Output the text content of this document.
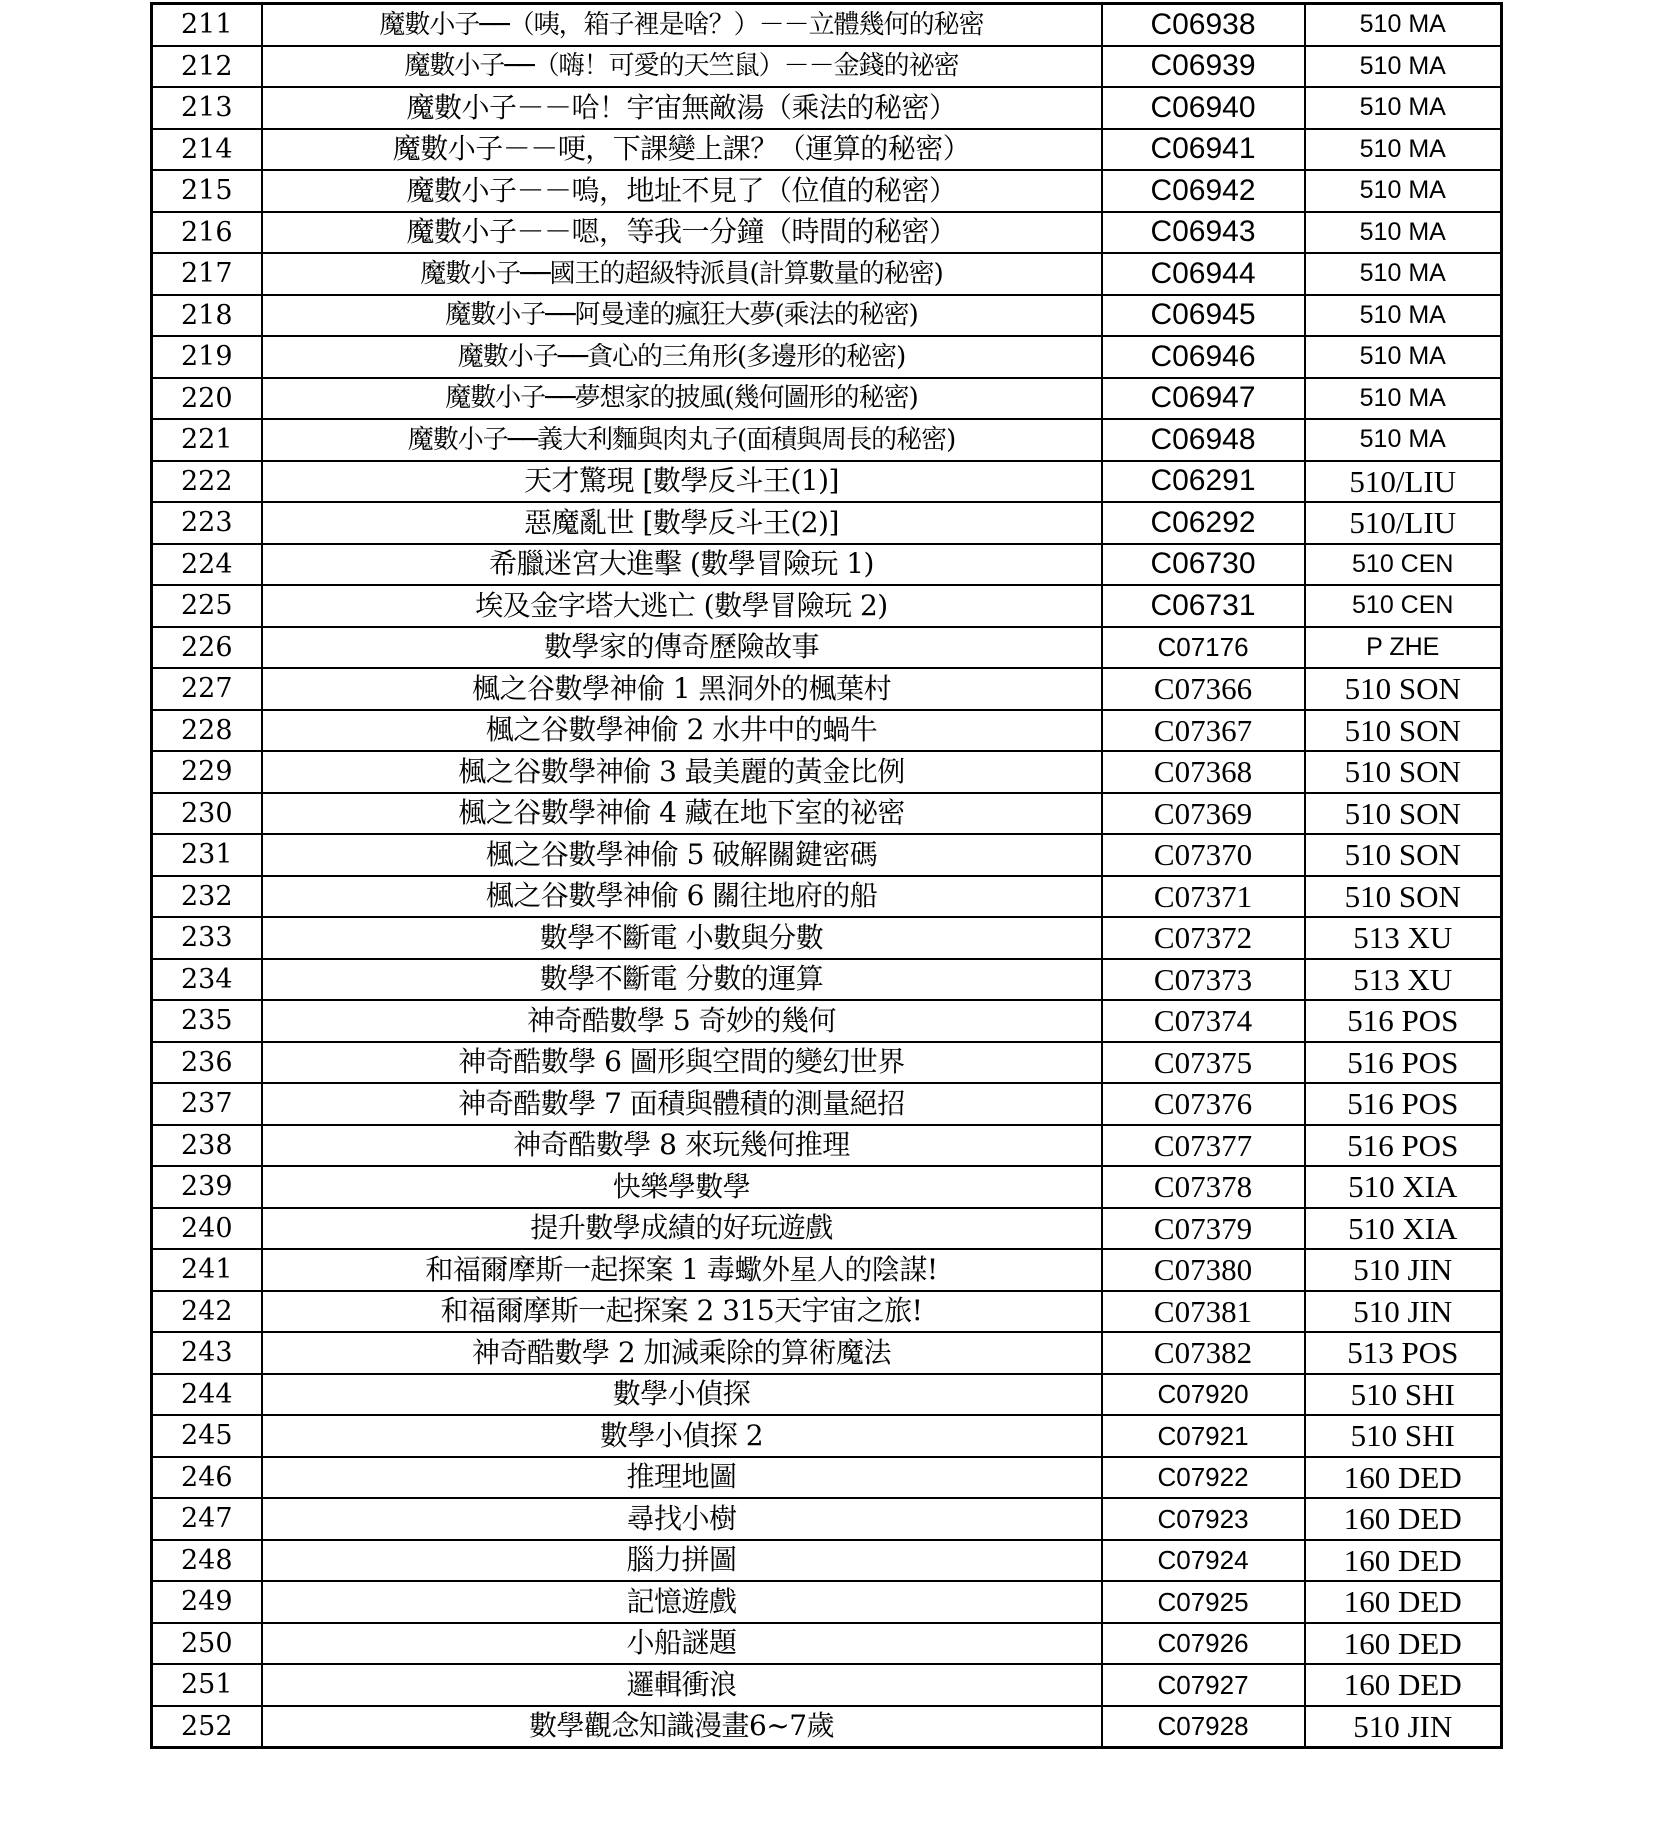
211	魔數小子──（咦，箱子裡是啥？）－－立體幾何的秘密	C06938	510 MA
212	魔數小子──（嗨！可愛的天竺鼠）－－金錢的祕密	C06939	510 MA
213	魔數小子－－哈！宇宙無敵湯（乘法的秘密）	C06940	510 MA
214	魔數小子－－哽，下課變上課？（運算的秘密）	C06941	510 MA
215	魔數小子－－嗚，地址不見了（位值的秘密）	C06942	510 MA
216	魔數小子－－嗯，等我一分鐘（時間的秘密）	C06943	510 MA
217	魔數小子──國王的超級特派員(計算數量的秘密)	C06944	510 MA
218	魔數小子──阿曼達的瘋狂大夢(乘法的秘密)	C06945	510 MA
219	魔數小子──貪心的三角形(多邊形的秘密)	C06946	510 MA
220	魔數小子──夢想家的披風(幾何圖形的秘密)	C06947	510 MA
221	魔數小子──義大利麵與肉丸子(面積與周長的秘密)	C06948	510 MA
222	天才驚現 [數學反斗王(1)]	C06291	510/LIU
223	惡魔亂世 [數學反斗王(2)]	C06292	510/LIU
224	希臘迷宮大進擊 (數學冒險玩 1)	C06730	510 CEN
225	埃及金字塔大逃亡 (數學冒險玩 2)	C06731	510 CEN
226	數學家的傳奇歷險故事	C07176	P ZHE
227	楓之谷數學神偷 1 黑洞外的楓葉村	C07366	510 SON
228	楓之谷數學神偷 2 水井中的蝸牛	C07367	510 SON
229	楓之谷數學神偷 3 最美麗的黃金比例	C07368	510 SON
230	楓之谷數學神偷 4 藏在地下室的祕密	C07369	510 SON
231	楓之谷數學神偷 5 破解關鍵密碼	C07370	510 SON
232	楓之谷數學神偷 6 關往地府的船	C07371	510 SON
233	數學不斷電 小數與分數	C07372	513 XU
234	數學不斷電 分數的運算	C07373	513 XU
235	神奇酷數學 5 奇妙的幾何	C07374	516 POS
236	神奇酷數學 6 圖形與空間的變幻世界	C07375	516 POS
237	神奇酷數學 7 面積與體積的測量絕招	C07376	516 POS
238	神奇酷數學 8 來玩幾何推理	C07377	516 POS
239	快樂學數學	C07378	510 XIA
240	提升數學成績的好玩遊戲	C07379	510 XIA
241	和福爾摩斯一起探案 1 毒蠍外星人的陰謀!	C07380	510 JIN
242	和福爾摩斯一起探案 2 315天宇宙之旅!	C07381	510 JIN
243	神奇酷數學 2 加減乘除的算術魔法	C07382	513 POS
244	數學小偵探	C07920	510 SHI
245	數學小偵探 2	C07921	510 SHI
246	推理地圖	C07922	160 DED
247	尋找小樹	C07923	160 DED
248	腦力拼圖	C07924	160 DED
249	記憶遊戲	C07925	160 DED
250	小船謎題	C07926	160 DED
251	邏輯衝浪	C07927	160 DED
252	數學觀念知識漫畫6~7歲	C07928	510 JIN
